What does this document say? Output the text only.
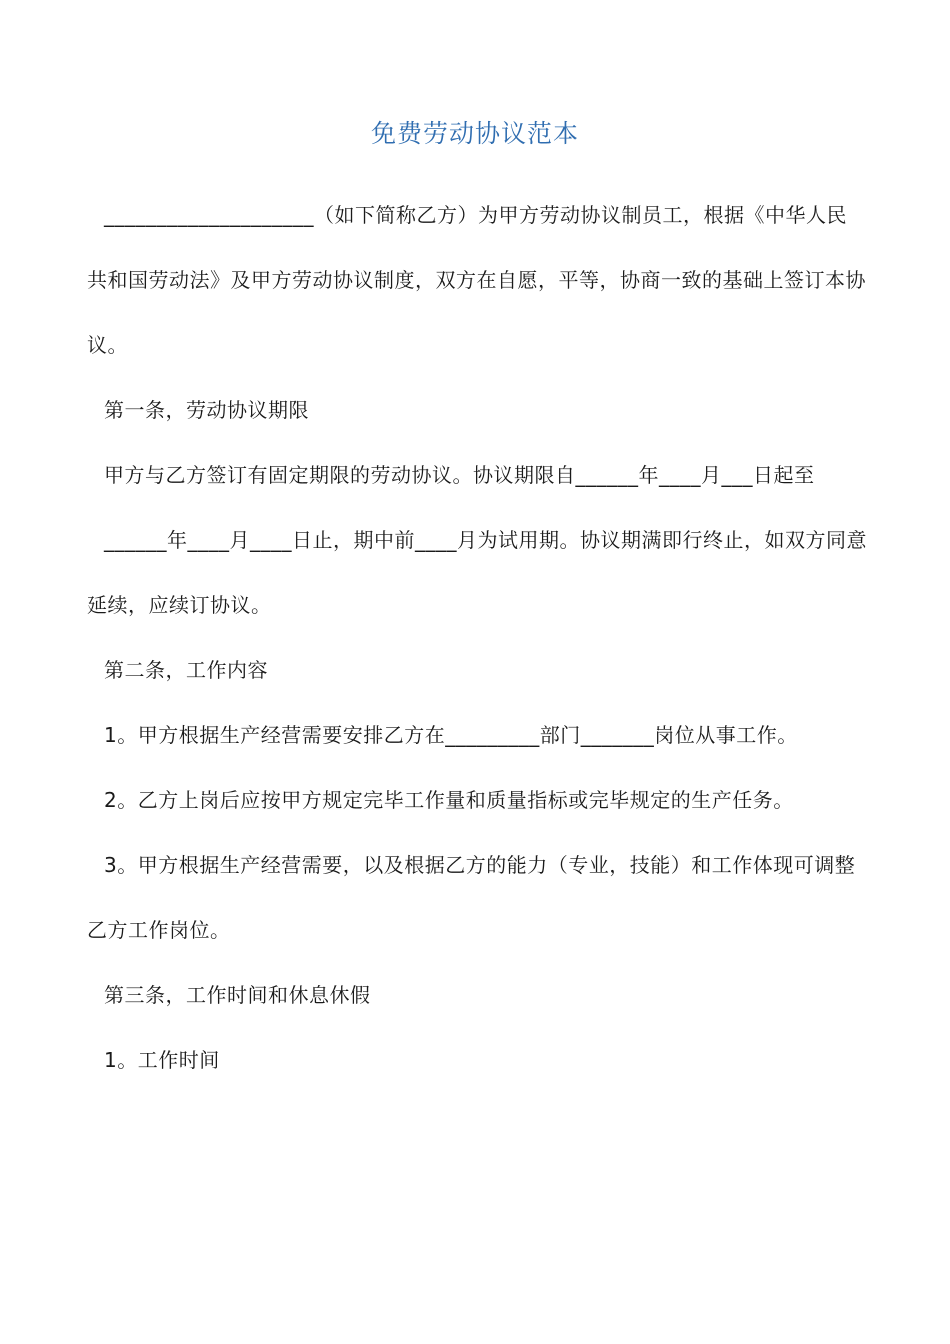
免费劳动协议范本

____________________（如下简称乙方）为甲方劳动协议制员工，根据《中华人民共和国劳动法》及甲方劳动协议制度，双方在自愿，平等，协商一致的基础上签订本协议。

第一条，劳动协议期限

甲方与乙方签订有固定期限的劳动协议。协议期限自______年____月___日起至

______年____月____日止，期中前____月为试用期。协议期满即行终止，如双方同意延续，应续订协议。

第二条，工作内容

1。甲方根据生产经营需要安排乙方在_________部门_______岗位从事工作。

2。乙方上岗后应按甲方规定完毕工作量和质量指标或完毕规定的生产任务。

3。甲方根据生产经营需要，以及根据乙方的能力（专业，技能）和工作体现可调整乙方工作岗位。

第三条，工作时间和休息休假

1。工作时间
